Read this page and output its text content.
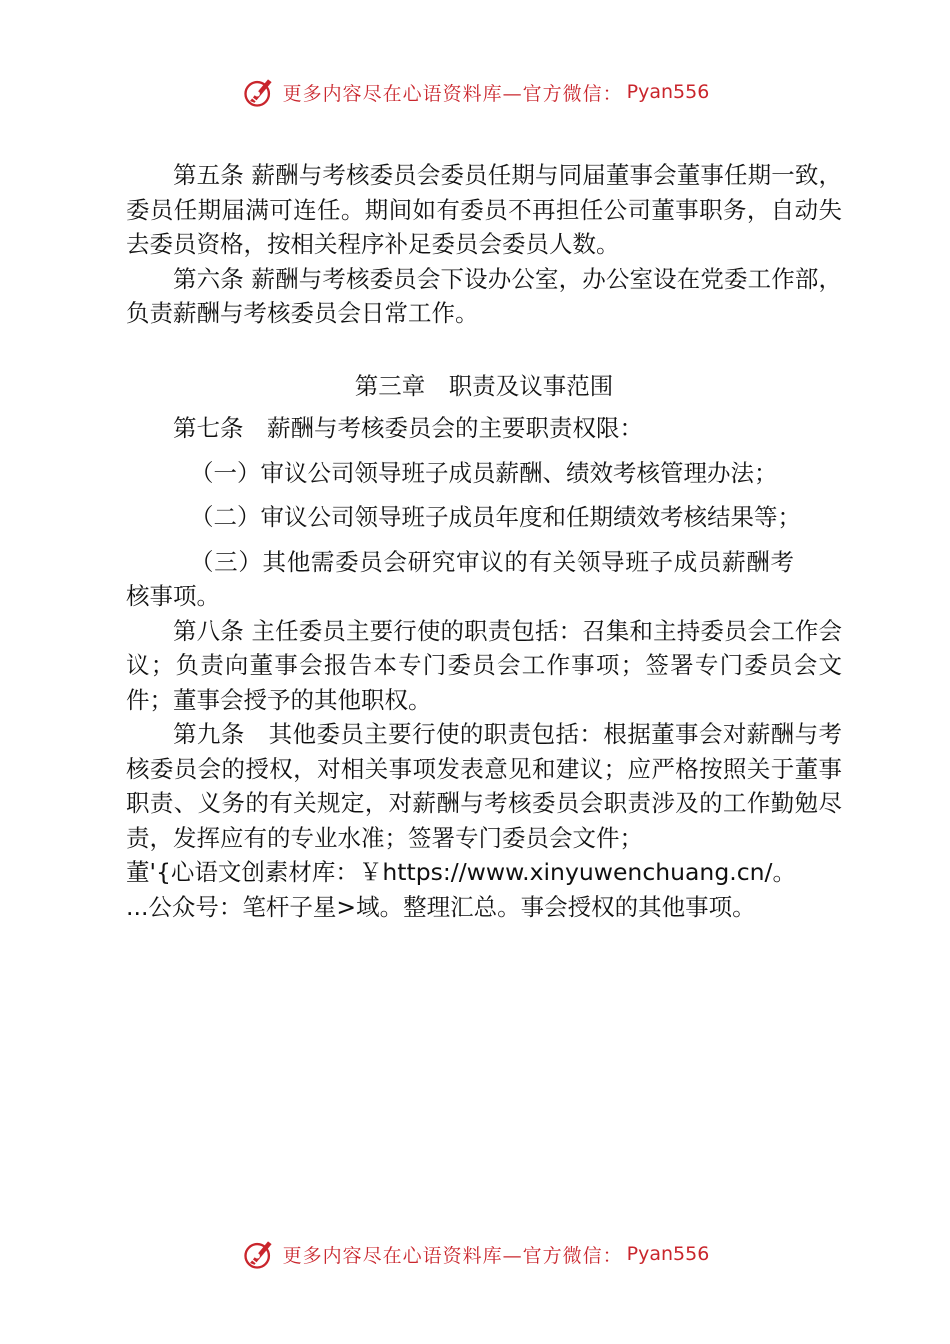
更多内容尽在心语资料库—官方微信： Pyan556

第五条 薪酬与考核委员会委员任期与同届董事会董事任期一致，委员任期届满可连任。期间如有委员不再担任公司董事职务，自动失去委员资格，按相关程序补足委员会委员人数。

第六条 薪酬与考核委员会下设办公室，办公室设在党委工作部，负责薪酬与考核委员会日常工作。

第三章　职责及议事范围

第七条　薪酬与考核委员会的主要职责权限：

（一）审议公司领导班子成员薪酬、绩效考核管理办法；

（二）审议公司领导班子成员年度和任期绩效考核结果等；

（三）其他需委员会研究审议的有关领导班子成员薪酬考核事项。

第八条 主任委员主要行使的职责包括：召集和主持委员会工作会议；负责向董事会报告本专门委员会工作事项；签署专门委员会文件；董事会授予的其他职权。

第九条　其他委员主要行使的职责包括：根据董事会对薪酬与考核委员会的授权，对相关事项发表意见和建议；应严格按照关于董事职责、义务的有关规定，对薪酬与考核委员会职责涉及的工作勤勉尽责，发挥应有的专业水准；签署专门委员会文件；

董'{心语文创素材库：￥https://www.xinyuwenchuang.cn/。

...公众号：笔杆子星>域。整理汇总。事会授权的其他事项。

更多内容尽在心语资料库—官方微信： Pyan556
